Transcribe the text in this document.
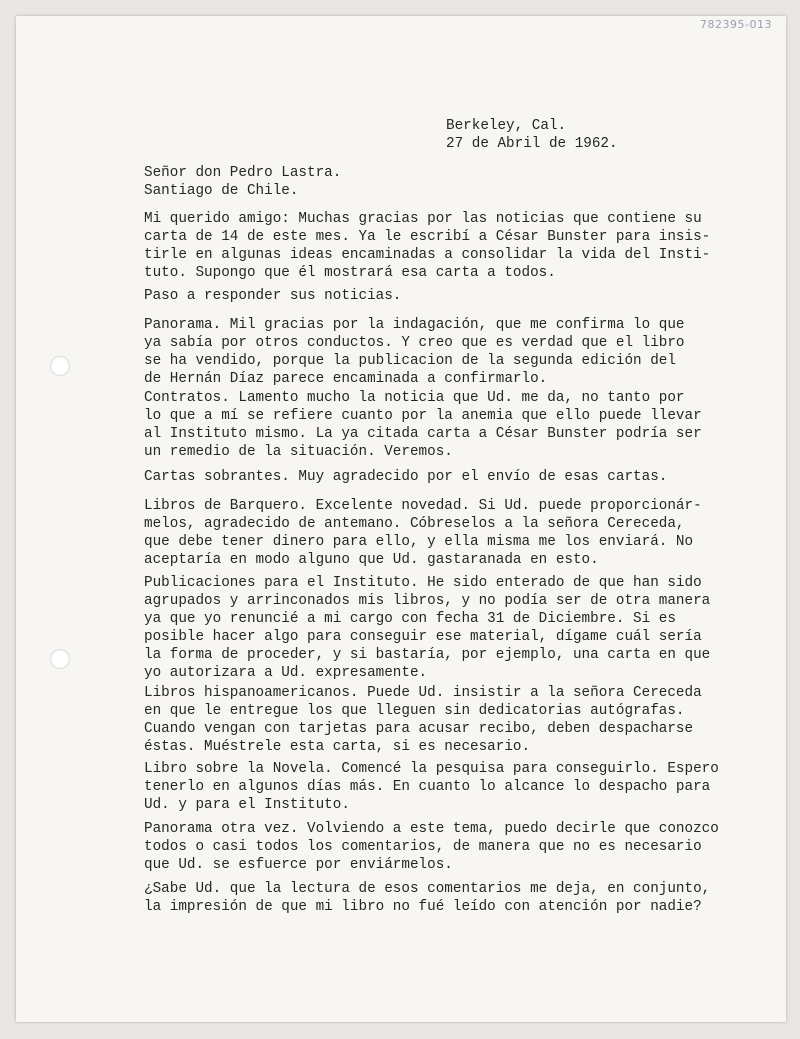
782395-013
Berkeley, Cal.
27 de Abril de 1962.
Señor don Pedro Lastra.
Santiago de Chile.
Mi querido amigo: Muchas gracias por las noticias que contiene su
carta de 14 de este mes. Ya le escribí a César Bunster para insis-
tirle en algunas ideas encaminadas a consolidar la vida del Insti-
tuto. Supongo que él mostrará esa carta a todos.
Paso a responder sus noticias.
Panorama. Mil gracias por la indagación, que me confirma lo que
ya sabía por otros conductos. Y creo que es verdad que el libro
se ha vendido, porque la publicacion de la segunda edición del
de Hernán Díaz parece encaminada a confirmarlo.
Contratos. Lamento mucho la noticia que Ud. me da, no tanto por
lo que a mí se refiere cuanto por la anemia que ello puede llevar
al Instituto mismo. La ya citada carta a César Bunster podría ser
un remedio de la situación. Veremos.
Cartas sobrantes. Muy agradecido por el envío de esas cartas.
Libros de Barquero. Excelente novedad. Si Ud. puede proporcionár-
melos, agradecido de antemano. Cóbreselos a la señora Cereceda,
que debe tener dinero para ello, y ella misma me los enviará. No
aceptaría en modo alguno que Ud. gastaranada en esto.
Publicaciones para el Instituto. He sido enterado de que han sido
agrupados y arrinconados mis libros, y no podía ser de otra manera
ya que yo renuncié a mi cargo con fecha 31 de Diciembre. Si es
posible hacer algo para conseguir ese material, dígame cuál sería
la forma de proceder, y si bastaría, por ejemplo, una carta en que
yo autorizara a Ud. expresamente.
Libros hispanoamericanos. Puede Ud. insistir a la señora Cereceda
en que le entregue los que lleguen sin dedicatorias autógrafas.
Cuando vengan con tarjetas para acusar recibo, deben despacharse
éstas. Muéstrele esta carta, si es necesario.
Libro sobre la Novela. Comencé la pesquisa para conseguirlo. Espero
tenerlo en algunos días más. En cuanto lo alcance lo despacho para
Ud. y para el Instituto.
Panorama otra vez. Volviendo a este tema, puedo decirle que conozco
todos o casi todos los comentarios, de manera que no es necesario
que Ud. se esfuerce por enviármelos.
¿Sabe Ud. que la lectura de esos comentarios me deja, en conjunto,
la impresión de que mi libro no fué leído con atención por nadie?
